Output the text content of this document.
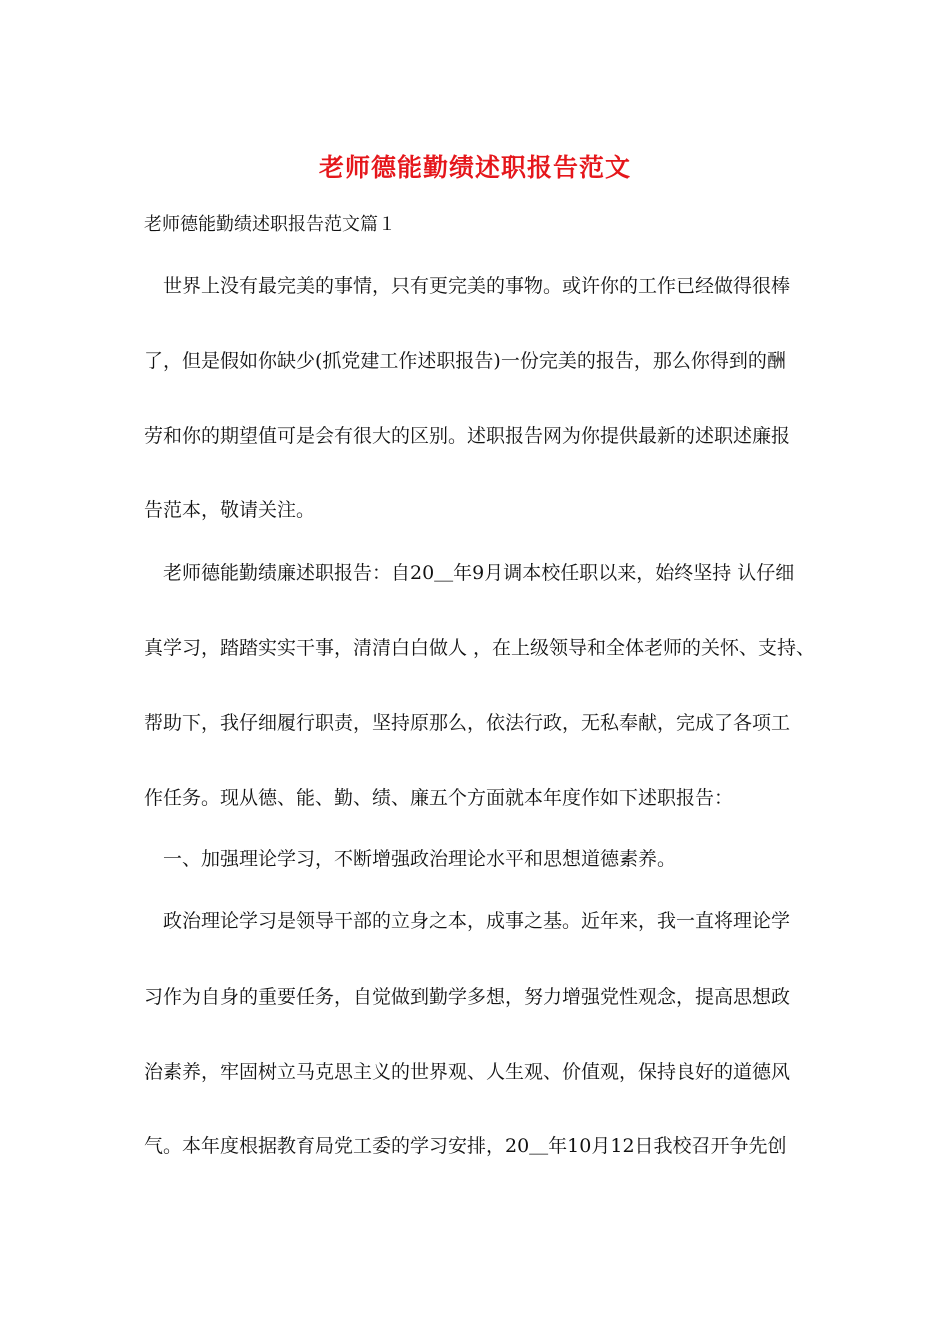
老师德能勤绩述职报告范文
老师德能勤绩述职报告范文篇１
　世界上没有最完美的事情，只有更完美的事物。或许你的工作已经做得很棒
了，但是假如你缺少(抓党建工作述职报告)一份完美的报告，那么你得到的酬
劳和你的期望值可是会有很大的区别。述职报告网为你提供最新的述职述廉报
告范本，敬请关注。
　老师德能勤绩廉述职报告：自20＿年9月调本校任职以来，始终坚持 认仔细
真学习，踏踏实实干事，清清白白做人 ，在上级领导和全体老师的关怀、支持、
帮助下，我仔细履行职责，坚持原那么，依法行政，无私奉献，完成了各项工
作任务。现从德、能、勤、绩、廉五个方面就本年度作如下述职报告：
　一、加强理论学习，不断增强政治理论水平和思想道德素养。
　政治理论学习是领导干部的立身之本，成事之基。近年来，我一直将理论学
习作为自身的重要任务，自觉做到勤学多想，努力增强党性观念，提高思想政
治素养，牢固树立马克思主义的世界观、人生观、价值观，保持良好的道德风
气。本年度根据教育局党工委的学习安排，20＿年10月12日我校召开争先创
